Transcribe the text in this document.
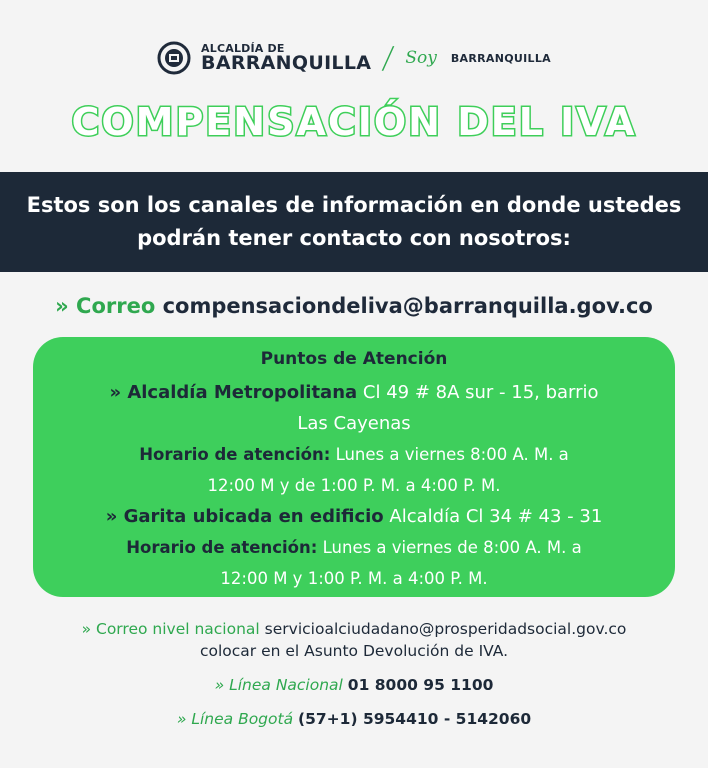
ALCALDÍA DE
BARRANQUILLA / Soy BARRANQUILLA
COMPENSACIÓN DEL IVA

Estos son los canales de información en donde ustedes
podrán tener contacto con nosotros:

» Correo compensaciondeliva@barranquilla.gov.co
Puntos de Atención
» Alcaldía Metropolitana Cl 49 # 8A sur - 15, barrio
Las Cayenas
Horario de atención: Lunes a viernes 8:00 A. M. a
12:00 M y de 1:00 P. M. a 4:00 P. M.
» Garita ubicada en edificio Alcaldía Cl 34 # 43 - 31
Horario de atención: Lunes a viernes de 8:00 A. M. a
12:00 M y 1:00 P. M. a 4:00 P. M.
» Correo nivel nacional servicioalciudadano@prosperidadsocial.gov.co
colocar en el Asunto Devolución de IVA.
» Línea Nacional 01 8000 95 1100
» Línea Bogotá (57+1) 5954410 - 5142060
